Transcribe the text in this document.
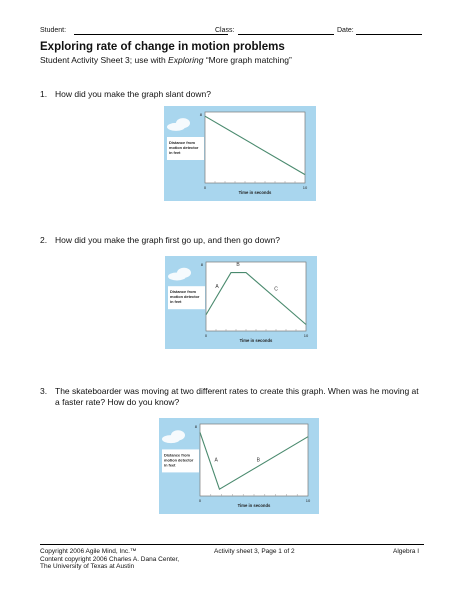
Student:	Class:	Date:
Exploring rate of change in motion problems
Student Activity Sheet 3; use with Exploring “More graph matching”
1. How did you make the graph slant down?
Distance from motion detector in feet
Time in seconds
8
0	10
2. How did you make the graph first go up, and then go down?
Distance from motion detector in feet
Time in seconds
8
0	10
A
B
C
3. The skateboarder was moving at two different rates to create this graph. When was he moving at a faster rate? How do you know?
Distance from motion detector in feet
Time in seconds
8
0	10
A	B
Copyright 2006 Agile Mind, Inc.™
Content copyright 2006 Charles A. Dana Center,
The University of Texas at Austin
Activity sheet 3, Page 1 of 2	Algebra I
